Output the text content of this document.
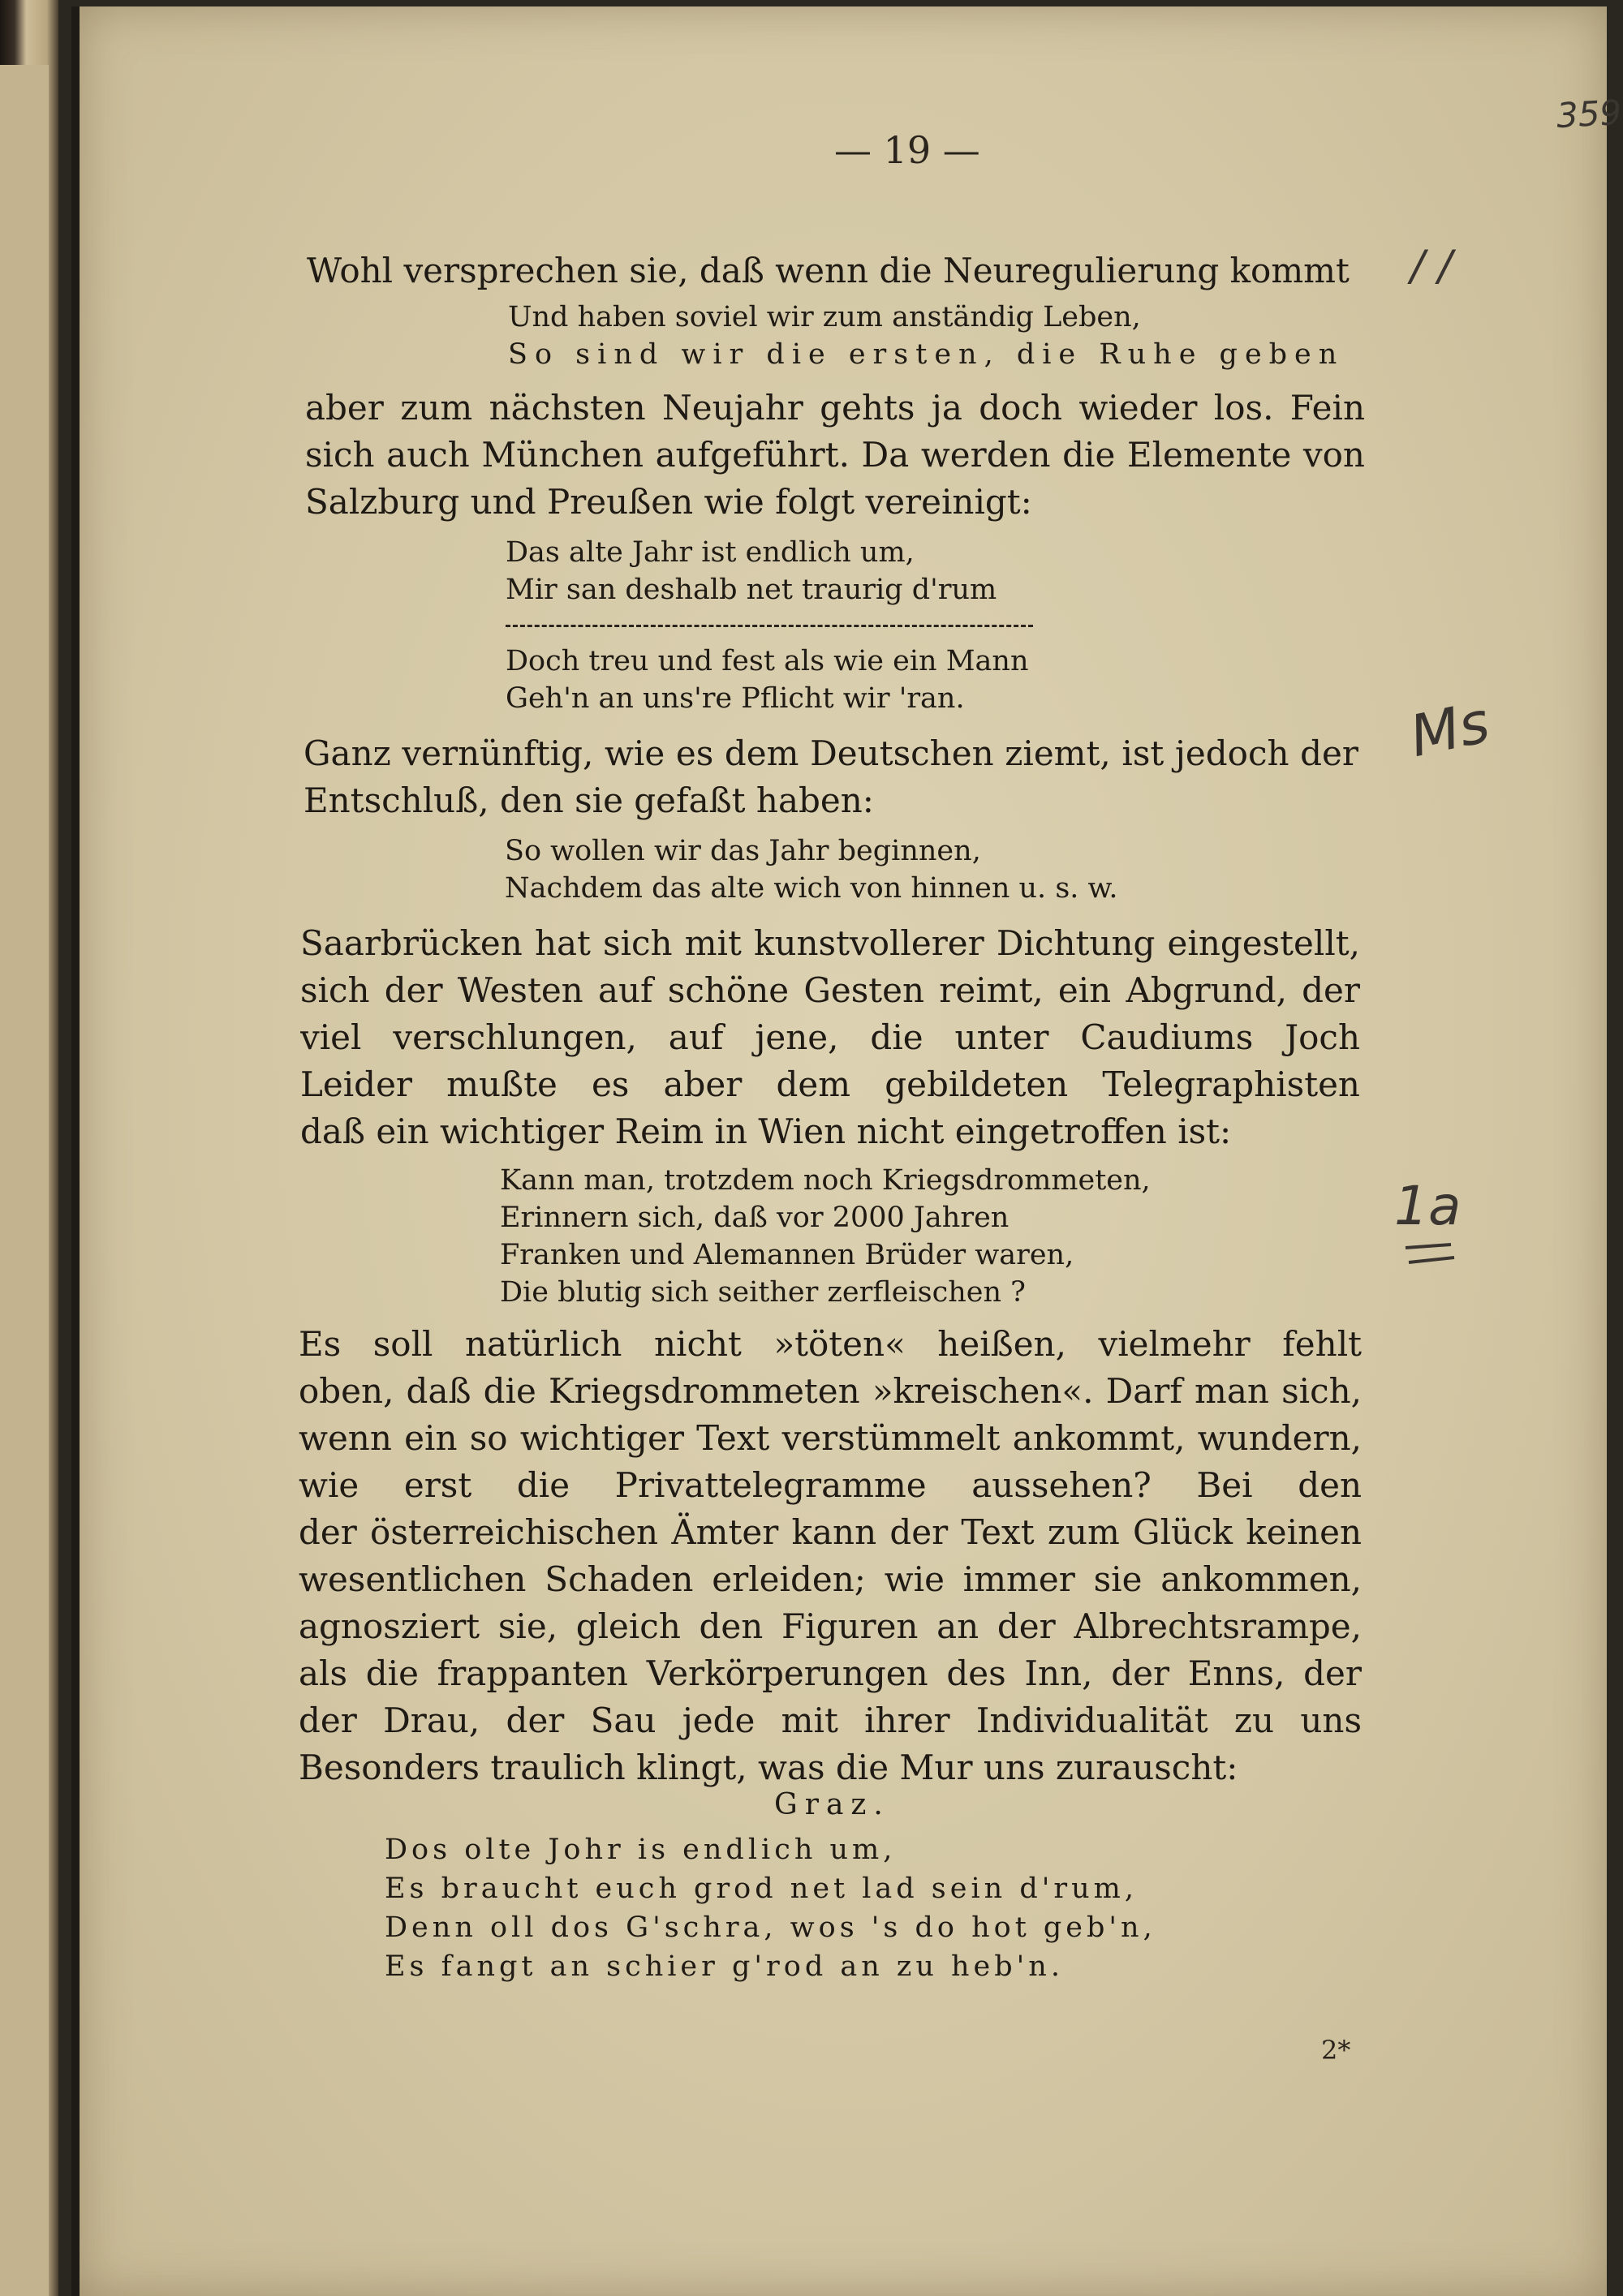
— 19 —
359
Wohl versprechen sie, daß wenn die Neuregulierung kommt / /
Und haben soviel wir zum anständig Leben,
So sind wir die ersten, die Ruhe geben
aber zum nächsten Neujahr gehts ja doch wieder los. Fein
sich auch München aufgeführt. Da werden die Elemente von
Salzburg und Preußen wie folgt vereinigt:
Das alte Jahr ist endlich um,
Mir san deshalb net traurig d'rum
Doch treu und fest als wie ein Mann
Geh'n an uns're Pflicht wir 'ran.
Ganz vernünftig, wie es dem Deutschen ziemt, ist jedoch der
Entschluß, den sie gefaßt haben:
Ms
So wollen wir das Jahr beginnen,
Nachdem das alte wich von hinnen u. s. w.
Saarbrücken hat sich mit kunstvollerer Dichtung eingestellt,
sich der Westen auf schöne Gesten reimt, ein Abgrund, der
viel verschlungen, auf jene, die unter Caudiums Joch
Leider mußte es aber dem gebildeten Telegraphisten
daß ein wichtiger Reim in Wien nicht eingetroffen ist:
Kann man, trotzdem noch Kriegsdrommeten,
Erinnern sich, daß vor 2000 Jahren
Franken und Alemannen Brüder waren,
Die blutig sich seither zerfleischen ?
1a
Es soll natürlich nicht »töten« heißen, vielmehr fehlt
oben, daß die Kriegsdrommeten »kreischen«. Darf man sich,
wenn ein so wichtiger Text verstümmelt ankommt, wundern,
wie erst die Privattelegramme aussehen? Bei den
der österreichischen Ämter kann der Text zum Glück keinen
wesentlichen Schaden erleiden; wie immer sie ankommen,
agnosziert sie, gleich den Figuren an der Albrechtsrampe,
als die frappanten Verkörperungen des Inn, der Enns, der
der Drau, der Sau jede mit ihrer Individualität zu uns
Besonders traulich klingt, was die Mur uns zurauscht:
Graz.
Dos olte Johr is endlich um,
Es braucht euch grod net lad sein d'rum,
Denn oll dos G'schra, wos 's do hot geb'n,
Es fangt an schier g'rod an zu heb'n.
2*
